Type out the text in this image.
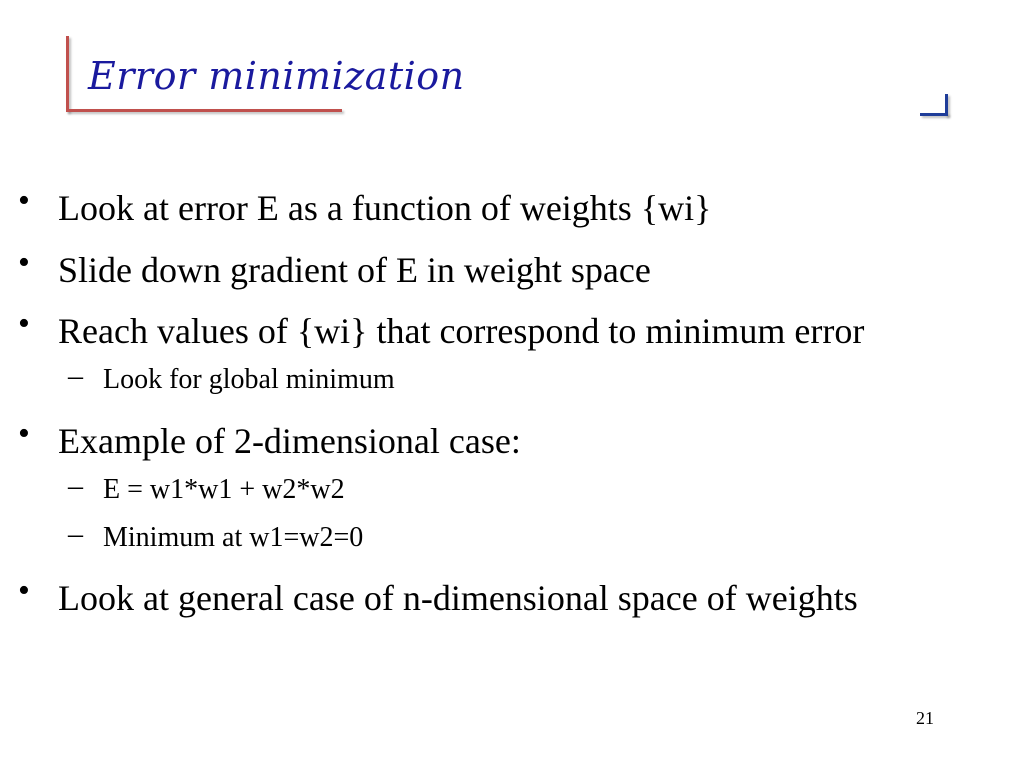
Error minimization
• Look at error E as a function of weights {wi}
• Slide down gradient of E in weight space
• Reach values of {wi} that correspond to minimum error
– Look for global minimum
• Example of 2-dimensional case:
– E = w1*w1 + w2*w2
– Minimum at w1=w2=0
• Look at general case of n-dimensional space of weights
21
